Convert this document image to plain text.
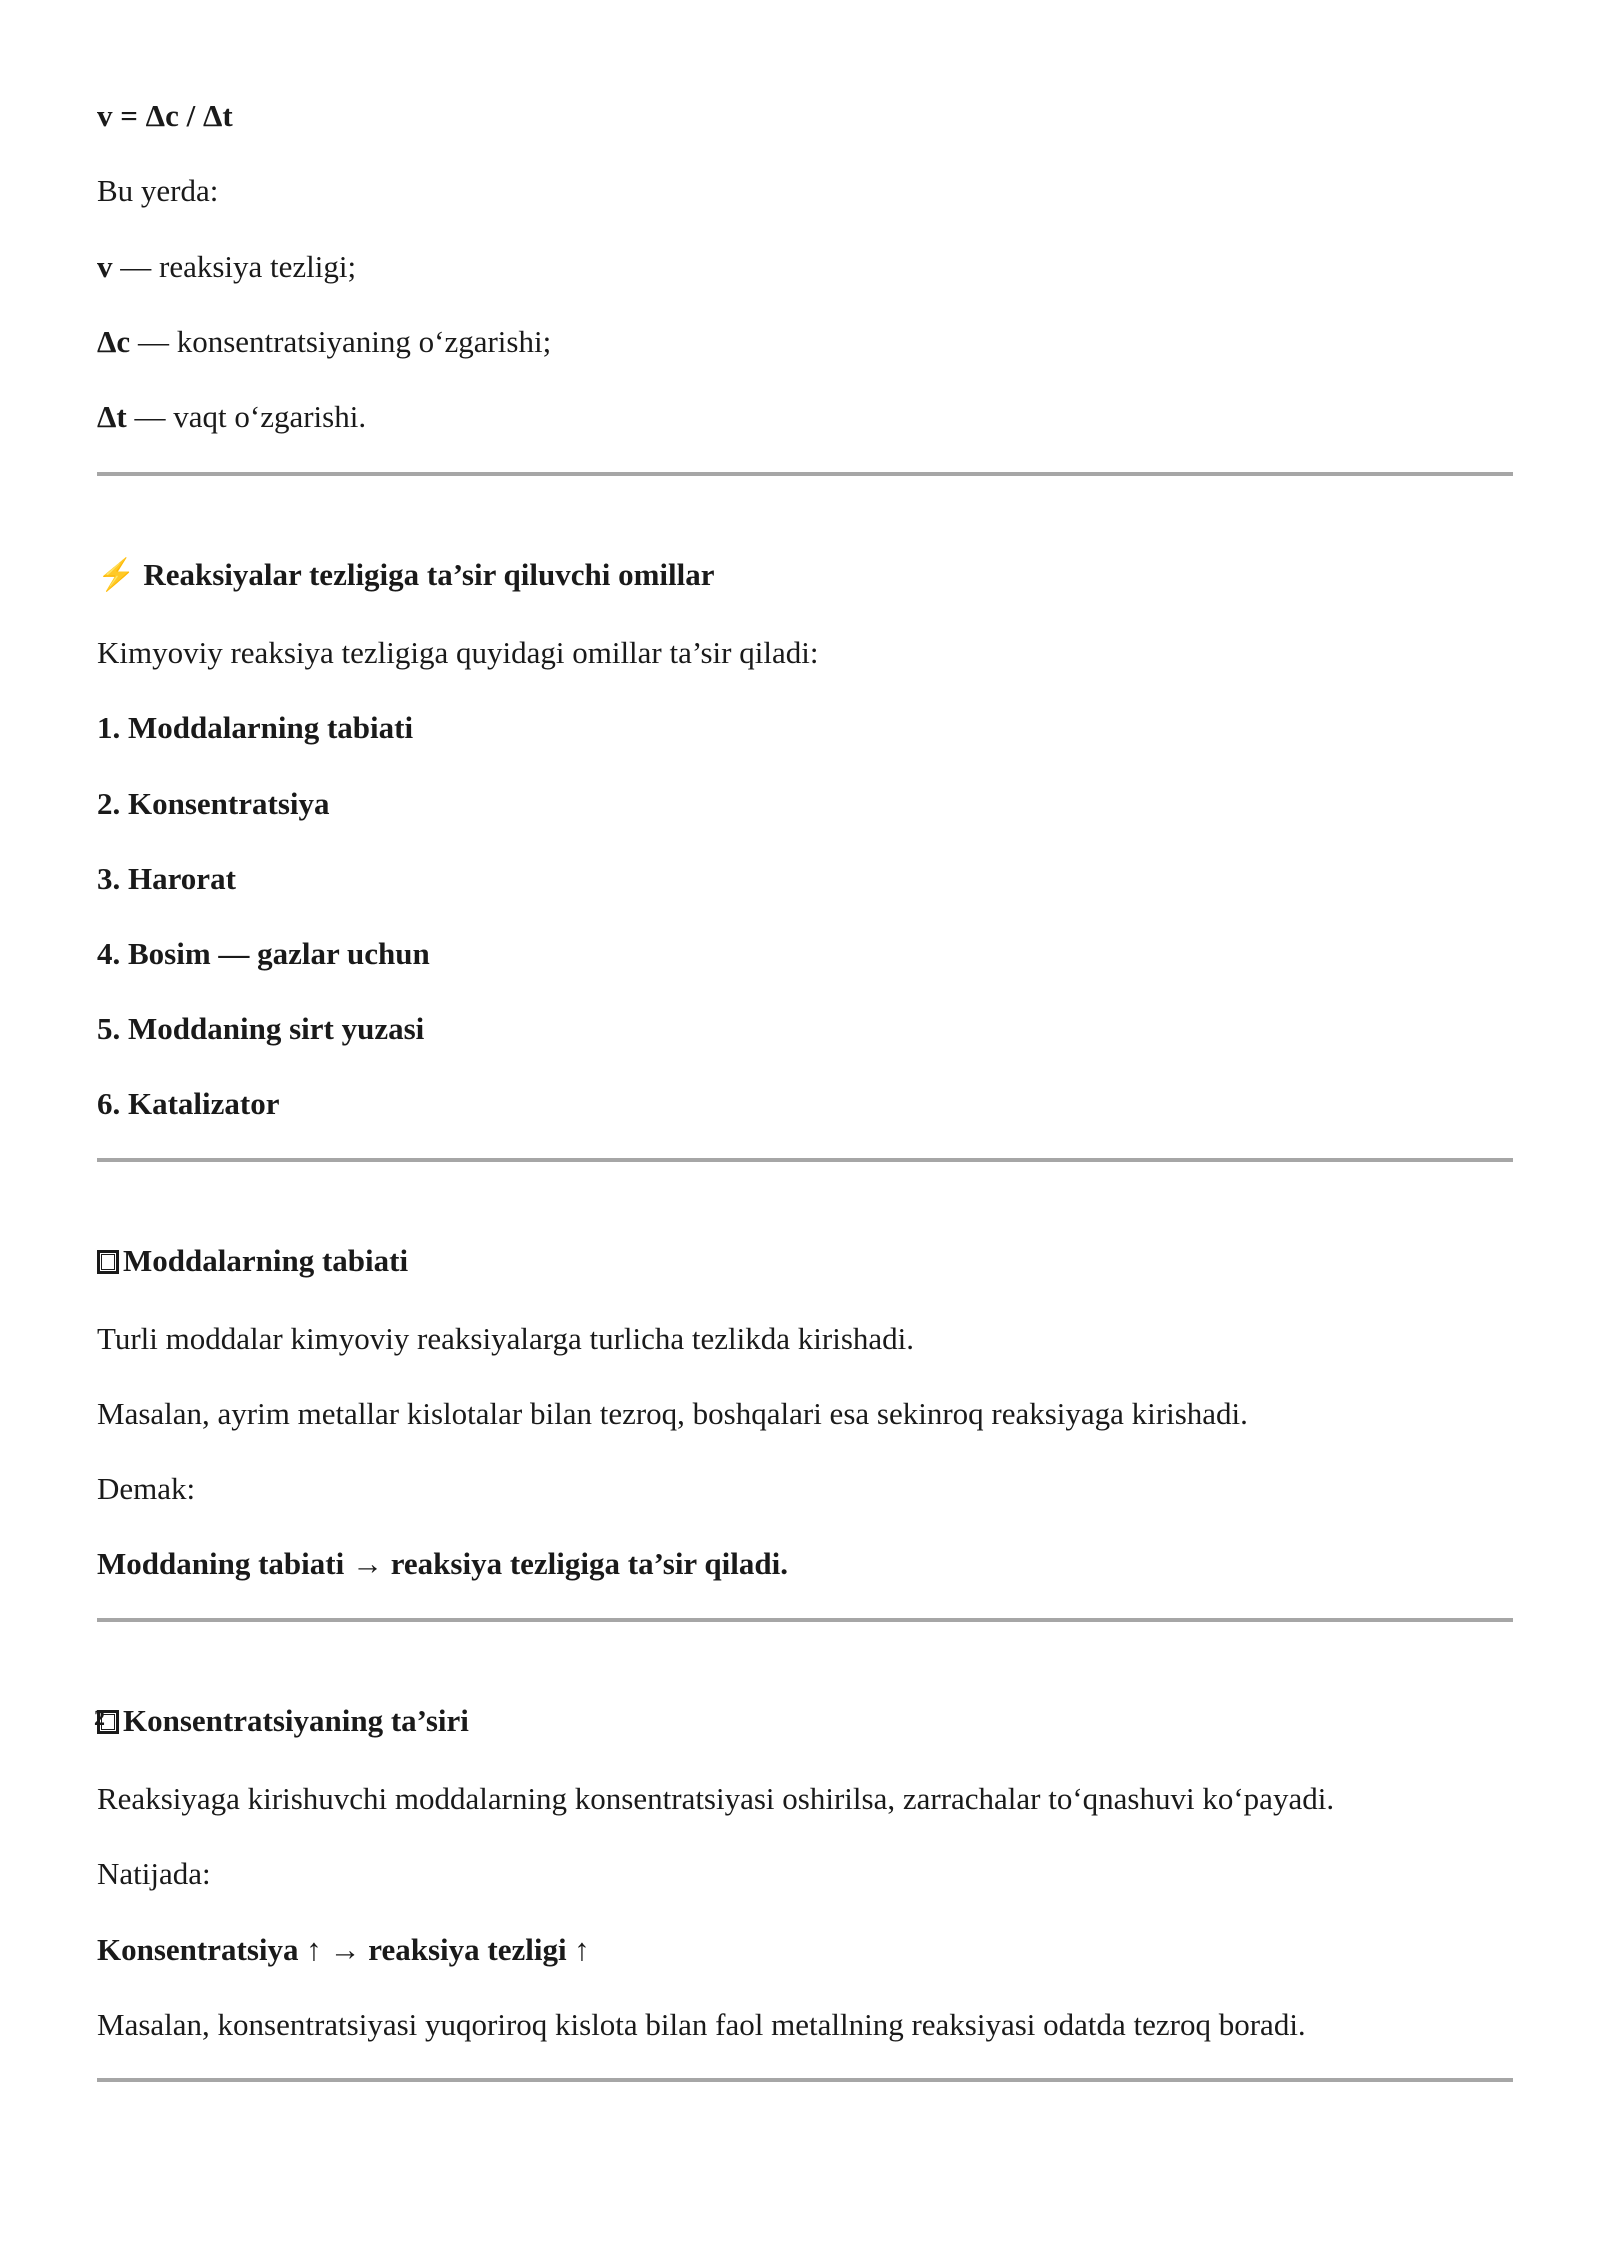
v = Δc / Δt
Bu yerda:
v — reaksiya tezligi;
Δc — konsentratsiyaning o‘zgarishi;
Δt — vaqt o‘zgarishi.
⚡ Reaksiyalar tezligiga ta’sir qiluvchi omillar
Kimyoviy reaksiya tezligiga quyidagi omillar ta’sir qiladi:
1. Moddalarning tabiati
2. Konsentratsiya
3. Harorat
4. Bosim — gazlar uchun
5. Moddaning sirt yuzasi
6. Katalizator
Moddalarning tabiati
Turli moddalar kimyoviy reaksiyalarga turlicha tezlikda kirishadi.
Masalan, ayrim metallar kislotalar bilan tezroq, boshqalari esa sekinroq reaksiyaga kirishadi.
Demak:
Moddaning tabiati → reaksiya tezligiga ta’sir qiladi.
2Konsentratsiyaning ta’siri
Reaksiyaga kirishuvchi moddalarning konsentratsiyasi oshirilsa, zarrachalar to‘qnashuvi ko‘payadi.
Natijada:
Konsentratsiya ↑ → reaksiya tezligi ↑
Masalan, konsentratsiyasi yuqoriroq kislota bilan faol metallning reaksiyasi odatda tezroq boradi.
